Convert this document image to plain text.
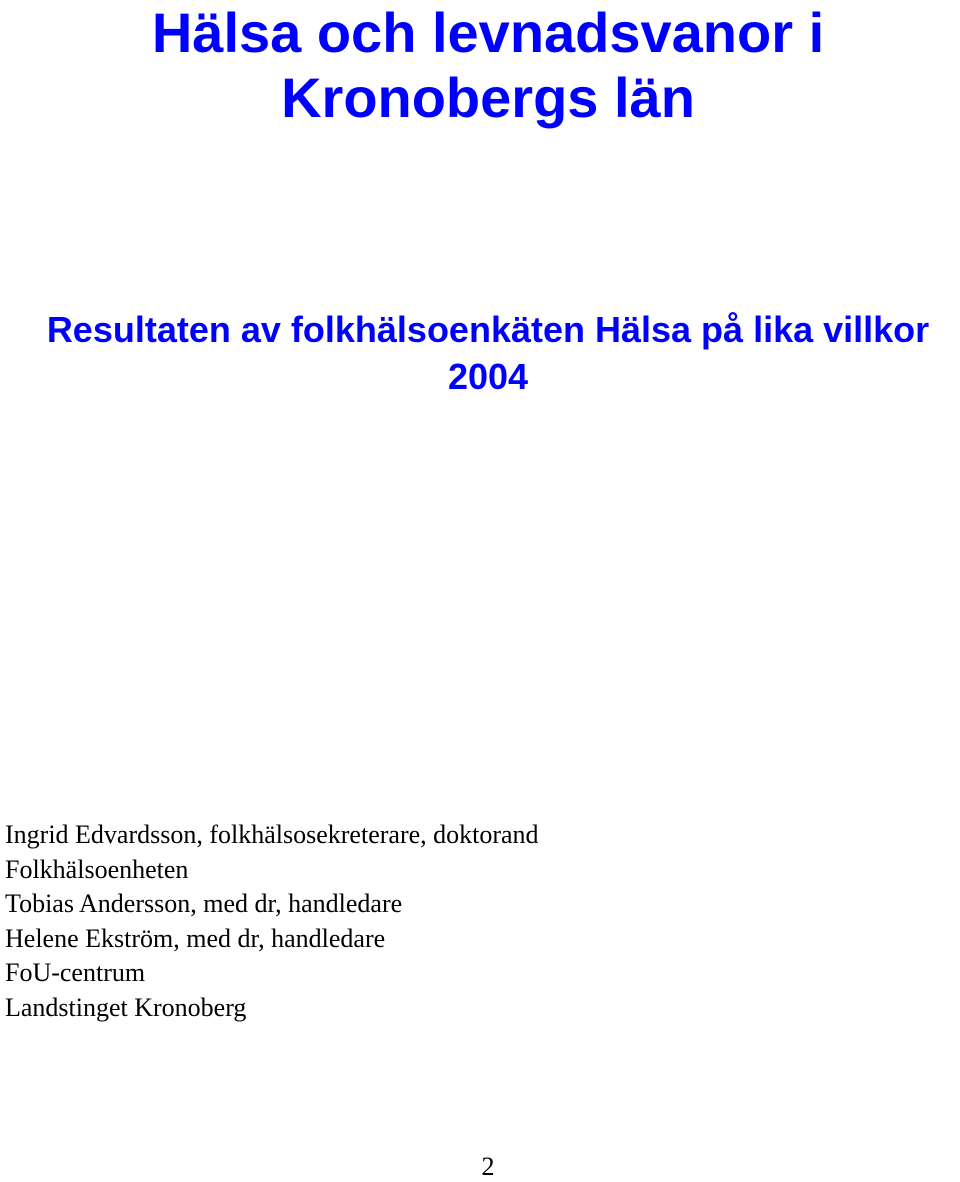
Hälsa och levnadsvanor i
Kronobergs län
Resultaten av folkhälsoenkäten Hälsa på lika villkor
2004
Ingrid Edvardsson, folkhälsosekreterare, doktorand
Folkhälsoenheten
Tobias Andersson, med dr, handledare
Helene Ekström, med dr, handledare
FoU-centrum
Landstinget Kronoberg
2
